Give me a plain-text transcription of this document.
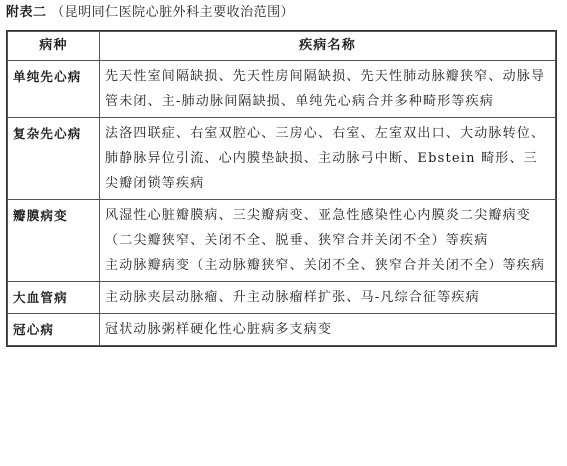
附表二 （昆明同仁医院心脏外科主要收治范围）
病种	疾病名称
单纯先心病	先天性室间隔缺损、先天性房间隔缺损、先天性肺动脉瓣狭窄、动脉导管未闭、主-肺动脉间隔缺损、单纯先心病合并多种畸形等疾病

复杂先心病	法洛四联症、右室双腔心、三房心、右室、左室双出口、大动脉转位、肺静脉异位引流、心内膜垫缺损、主动脉弓中断、Ebstein 畸形、三尖瓣闭锁等疾病

瓣膜病变	风湿性心脏瓣膜病、三尖瓣病变、亚急性感染性心内膜炎二尖瓣病变（二尖瓣狭窄、关闭不全、脱垂、狭窄合并关闭不全）等疾病
主动脉瓣病变（主动脉瓣狭窄、关闭不全、狭窄合并关闭不全）等疾病

大血管病	主动脉夹层动脉瘤、升主动脉瘤样扩张、马-凡综合征等疾病

冠心病	冠状动脉粥样硬化性心脏病多支病变
